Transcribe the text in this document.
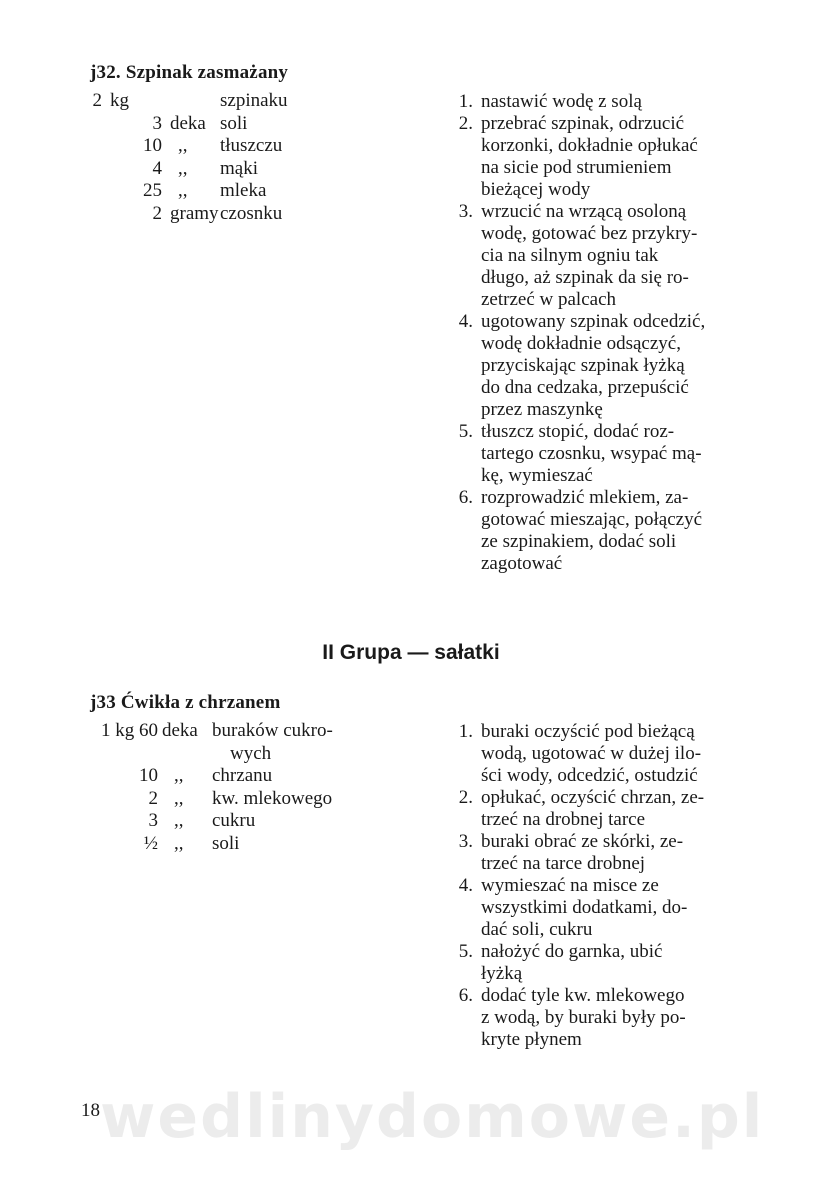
j32. Szpinak zasmażany
2 kg	szpinaku
3 deka soli
10 ,, tłuszczu
4 ,, mąki
25 ,, mleka
2 gramy czosnku
1. nastawić wodę z solą
2. przebrać szpinak, odrzucić
korzonki, dokładnie opłukać
na sicie pod strumieniem
bieżącej wody
3. wrzucić na wrzącą osoloną
wodę, gotować bez przykry-
cia na silnym ogniu tak
długo, aż szpinak da się ro-
zetrzeć w palcach
4. ugotowany szpinak odcedzić,
wodę dokładnie odsączyć,
przyciskając szpinak łyżką
do dna cedzaka, przepuścić
przez maszynkę
5. tłuszcz stopić, dodać roz-
tartego czosnku, wsypać mą-
kę, wymieszać
6. rozprowadzić mlekiem, za-
gotować mieszając, połączyć
ze szpinakiem, dodać soli
zagotować
II Grupa — sałatki
j33 Ćwikła z chrzanem
1 kg 60 deka buraków cukro-
wych
10 ,, chrzanu
2 ,, kw. mlekowego
3 ,, cukru
½ ,, soli
1. buraki oczyścić pod bieżącą
wodą, ugotować w dużej ilo-
ści wody, odcedzić, ostudzić
2. opłukać, oczyścić chrzan, ze-
trzeć na drobnej tarce
3. buraki obrać ze skórki, ze-
trzeć na tarce drobnej
4. wymieszać na misce ze
wszystkimi dodatkami, do-
dać soli, cukru
5. nałożyć do garnka, ubić
łyżką
6. dodać tyle kw. mlekowego
z wodą, by buraki były po-
kryte płynem
wedlinydomowe.pl
18
